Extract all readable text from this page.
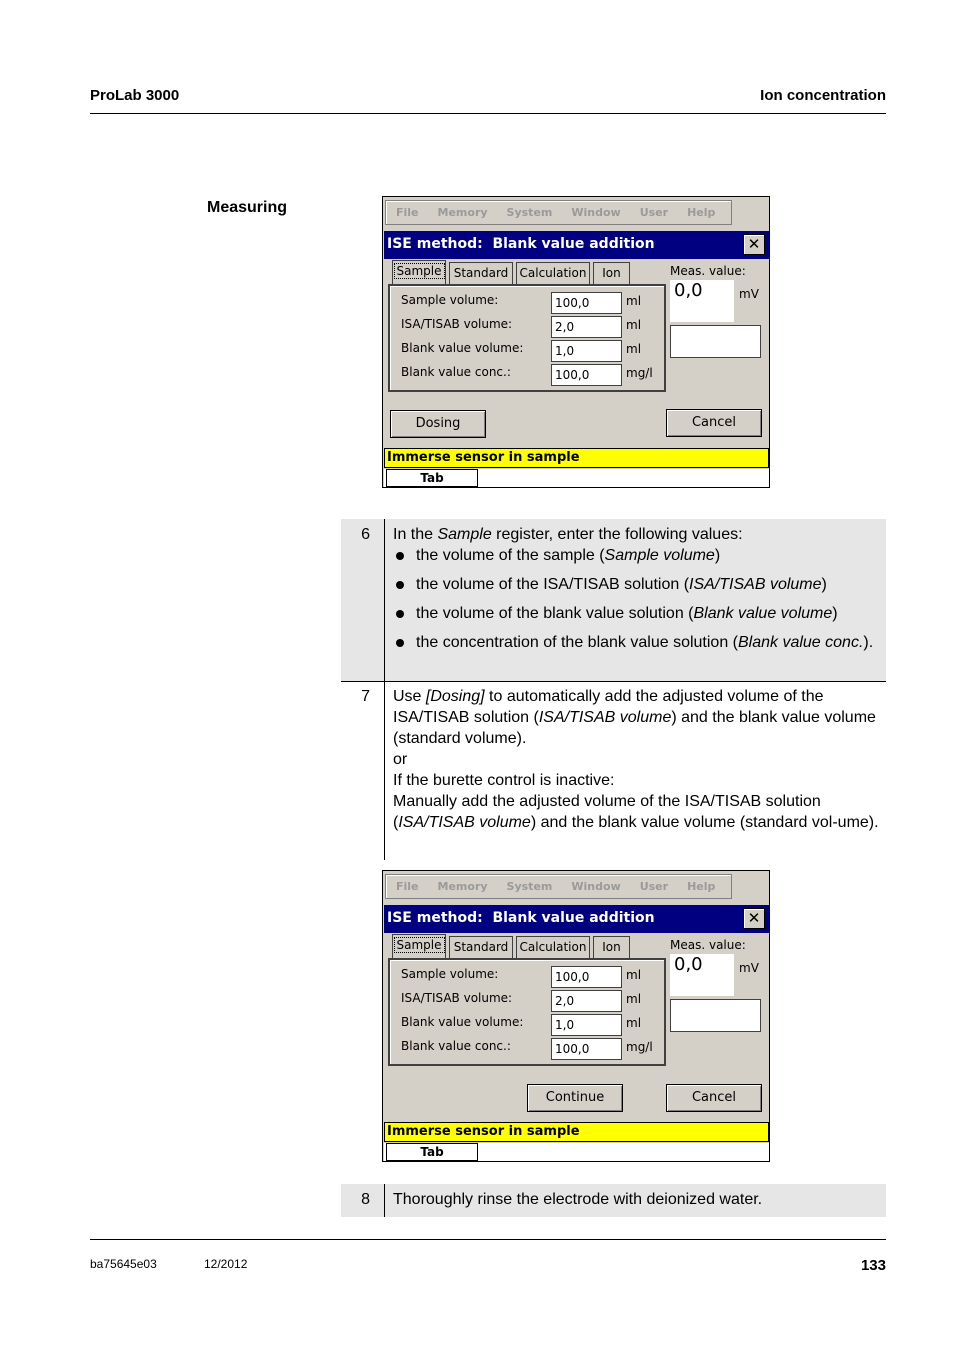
ProLab 3000	Ion concentration
Measuring	File Memory System Window User Help
ISE method:  Blank value addition	✕
Sample	Standard Calculation	Ion
Sample volume:	100,0	ml
ISA/TISAB volume:	2,0	ml
Blank value volume:	1,0	ml
Blank value conc.:	100,0	mg/l
Meas. value:
0,0	mV
Dosing	Cancel
Immerse sensor in sample
Tab
6	In the Sample register, enter the following values:
the volume of the sample (Sample volume)
the volume of the ISA/TISAB solution (ISA/TISAB volume)
the volume of the blank value solution (Blank value volume)
the concentration of the blank value solution (Blank value conc.).
7	Use [Dosing] to automatically add the adjusted volume of the ISA/TISAB solution (ISA/TISAB volume) and the blank value volume (standard volume).
or
If the burette control is inactive:
Manually add the adjusted volume of the ISA/TISAB solution (ISA/TISAB volume) and the blank value volume (standard vol-ume).
File Memory System Window User Help
ISE method:  Blank value addition	✕
Sample	Standard Calculation	Ion
Sample volume:	100,0	ml
ISA/TISAB volume:	2,0	ml
Blank value volume:	1,0	ml
Blank value conc.:	100,0	mg/l
Meas. value:
0,0	mV
Continue	Cancel
Immerse sensor in sample
Tab
8	Thoroughly rinse the electrode with deionized water.
ba75645e03	12/2012	133
